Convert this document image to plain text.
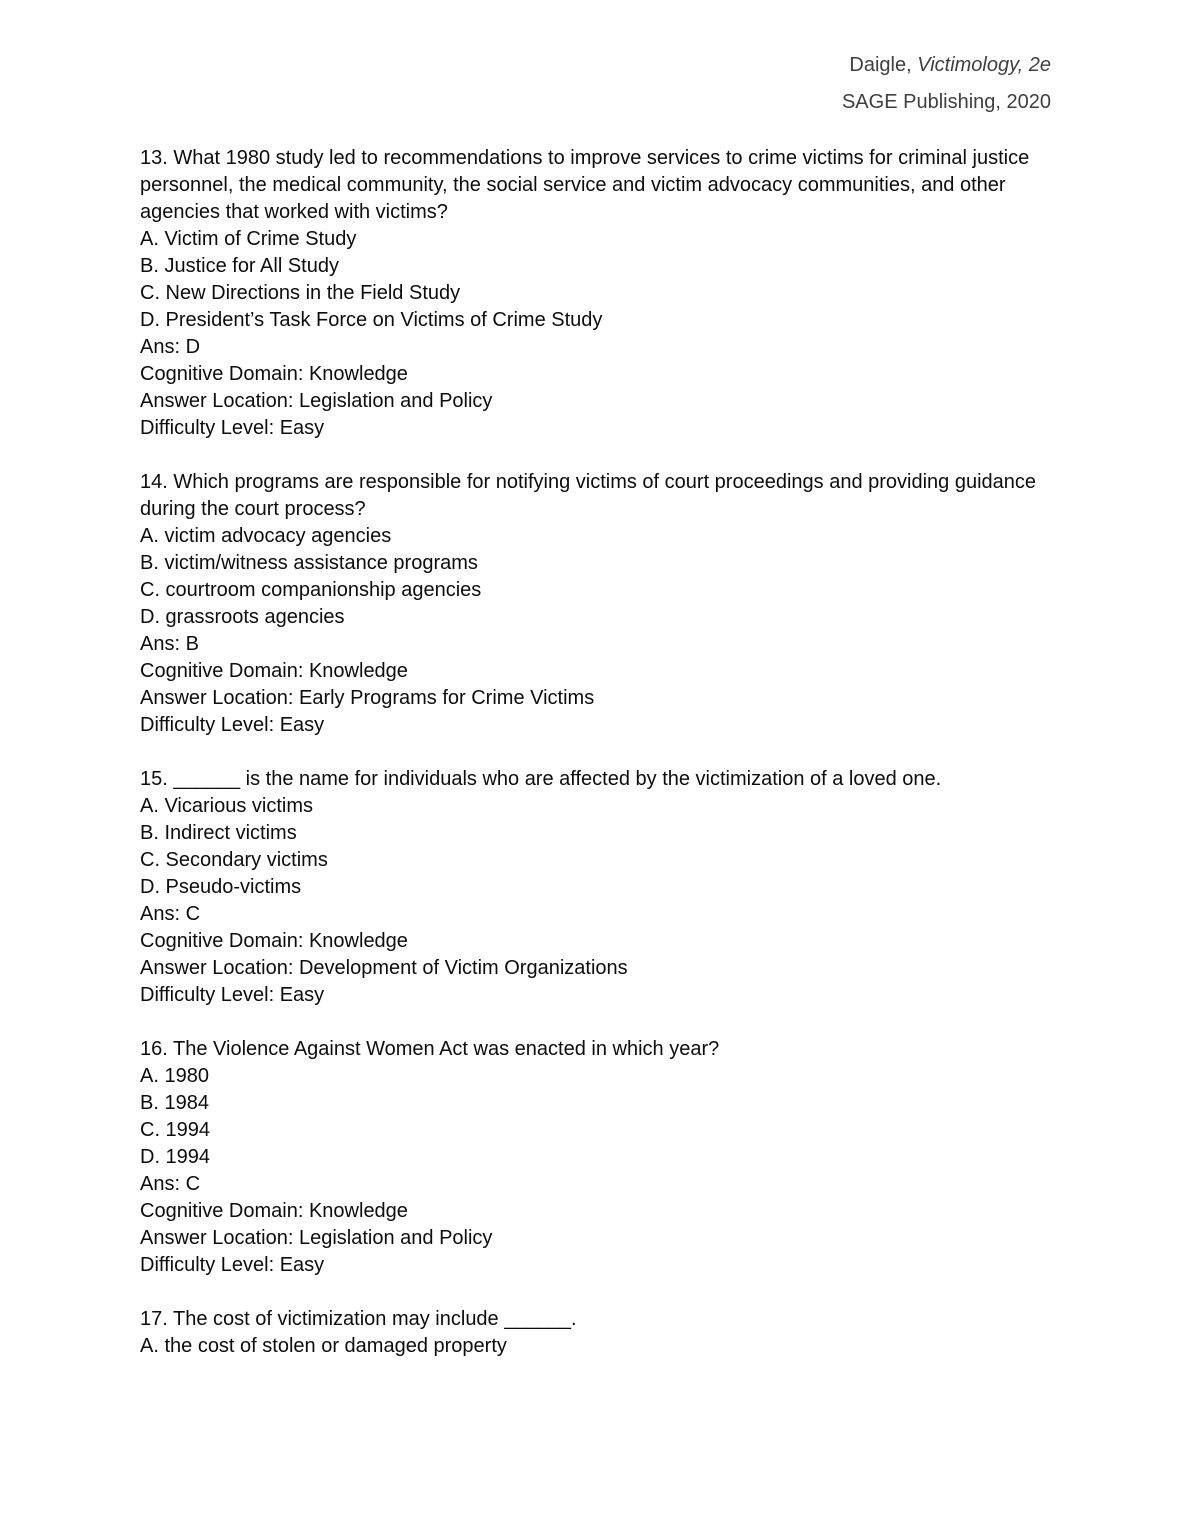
Daigle, Victimology, 2e
SAGE Publishing, 2020
13. What 1980 study led to recommendations to improve services to crime victims for criminal justice personnel, the medical community, the social service and victim advocacy communities, and other agencies that worked with victims?
A. Victim of Crime Study
B. Justice for All Study
C. New Directions in the Field Study
D. President’s Task Force on Victims of Crime Study
Ans: D
Cognitive Domain: Knowledge
Answer Location: Legislation and Policy
Difficulty Level: Easy
14. Which programs are responsible for notifying victims of court proceedings and providing guidance during the court process?
A. victim advocacy agencies
B. victim/witness assistance programs
C. courtroom companionship agencies
D. grassroots agencies
Ans: B
Cognitive Domain: Knowledge
Answer Location: Early Programs for Crime Victims
Difficulty Level: Easy
15. ______ is the name for individuals who are affected by the victimization of a loved one.
A. Vicarious victims
B. Indirect victims
C. Secondary victims
D. Pseudo-victims
Ans: C
Cognitive Domain: Knowledge
Answer Location: Development of Victim Organizations
Difficulty Level: Easy
16. The Violence Against Women Act was enacted in which year?
A. 1980
B. 1984
C. 1994
D. 1994
Ans: C
Cognitive Domain: Knowledge
Answer Location: Legislation and Policy
Difficulty Level: Easy
17. The cost of victimization may include ______.
A. the cost of stolen or damaged property
